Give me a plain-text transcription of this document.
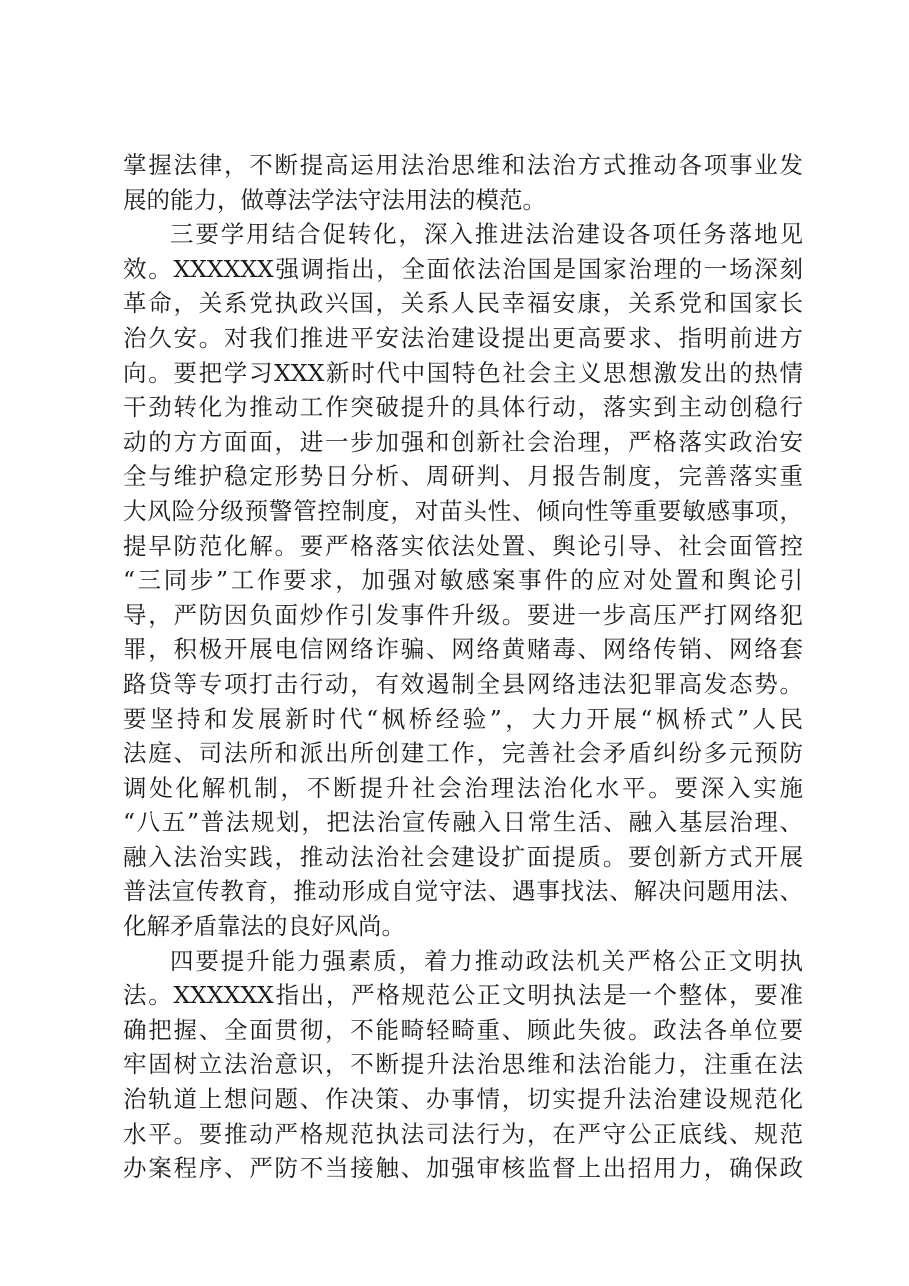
掌握法律，不断提高运用法治思维和法治方式推动各项事业发
展的能力，做尊法学法守法用法的模范。
三要学用结合促转化，深入推进法治建设各项任务落地见
效。XXXXXX强调指出，全面依法治国是国家治理的一场深刻
革命，关系党执政兴国，关系人民幸福安康，关系党和国家长
治久安。对我们推进平安法治建设提出更高要求、指明前进方
向。要把学习XXX新时代中国特色社会主义思想激发出的热情
干劲转化为推动工作突破提升的具体行动，落实到主动创稳行
动的方方面面，进一步加强和创新社会治理，严格落实政治安
全与维护稳定形势日分析、周研判、月报告制度，完善落实重
大风险分级预警管控制度，对苗头性、倾向性等重要敏感事项，
提早防范化解。要严格落实依法处置、舆论引导、社会面管控
“三同步”工作要求，加强对敏感案事件的应对处置和舆论引
导，严防因负面炒作引发事件升级。要进一步高压严打网络犯
罪，积极开展电信网络诈骗、网络黄赌毒、网络传销、网络套
路贷等专项打击行动，有效遏制全县网络违法犯罪高发态势。
要坚持和发展新时代“枫桥经验”，大力开展“枫桥式”人民
法庭、司法所和派出所创建工作，完善社会矛盾纠纷多元预防
调处化解机制，不断提升社会治理法治化水平。要深入实施
“八五”普法规划，把法治宣传融入日常生活、融入基层治理、
融入法治实践，推动法治社会建设扩面提质。要创新方式开展
普法宣传教育，推动形成自觉守法、遇事找法、解决问题用法、
化解矛盾靠法的良好风尚。
四要提升能力强素质，着力推动政法机关严格公正文明执
法。XXXXXX指出，严格规范公正文明执法是一个整体，要准
确把握、全面贯彻，不能畸轻畸重、顾此失彼。政法各单位要
牢固树立法治意识，不断提升法治思维和法治能力，注重在法
治轨道上想问题、作决策、办事情，切实提升法治建设规范化
水平。要推动严格规范执法司法行为，在严守公正底线、规范
办案程序、严防不当接触、加强审核监督上出招用力，确保政
